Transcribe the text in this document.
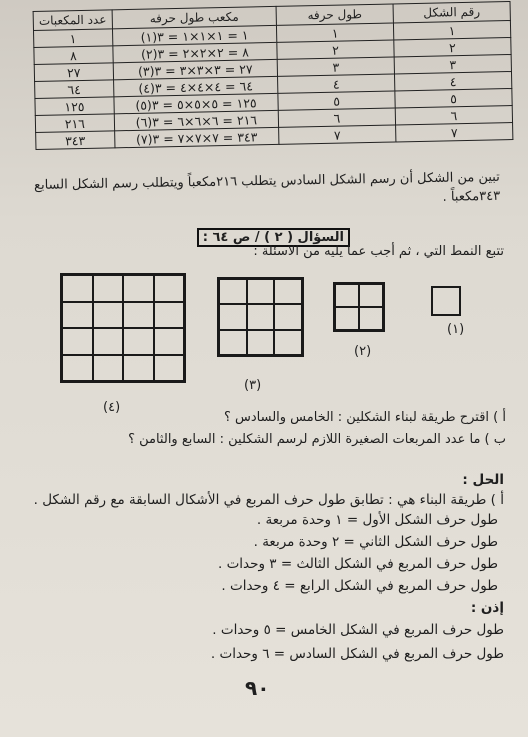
رقم الشكل	طول حرفه	مكعب طول حرفه	عدد المكعبات
١	١	١ = ١×١×١ = ٣(١)	١
٢	٢	٨ = ٢×٢×٢ = ٣(٢)	٨
٣	٣	٢٧ = ٣×٣×٣ = ٣(٣)	٢٧
٤	٤	٦٤ = ٤×٤×٤ = ٣(٤)	٦٤
٥	٥	١٢٥ = ٥×٥×٥ = ٣(٥)	١٢٥
٦	٦	٢١٦ = ٦×٦×٦ = ٣(٦)	٢١٦
٧	٧	٣٤٣ = ٧×٧×٧ = ٣(٧)	٣٤٣
تبين من الشكل أن رسم الشكل السادس يتطلب ٢١٦مكعباً ويتطلب رسم الشكل السابع
٣٤٣مكعباً .
السؤال ( ٢ ) / ص ٦٤ :
تتبع النمط التي ، ثم أجب عما يليه من الاسئلة :
(١)
(٢)
(٣)
(٤)
أ ) اقترح طريقة لبناء الشكلين : الخامس والسادس ؟
ب ) ما عدد المربعات الصغيرة اللازم لرسم الشكلين : السابع والثامن ؟
الحل :
أ ) طريقة البناء هي : تطابق طول حرف المربع في الأشكال السابقة مع رقم الشكل .
طول حرف الشكل الأول = ١ وحدة مربعة .
طول حرف الشكل الثاني = ٢ وحدة مربعة .
طول حرف المربع في الشكل الثالث = ٣ وحدات .
طول حرف المربع في الشكل الرابع = ٤ وحدات .
إذن :
طول حرف المربع في الشكل الخامس = ٥ وحدات .
طول حرف المربع في الشكل السادس = ٦ وحدات .
٩٠
